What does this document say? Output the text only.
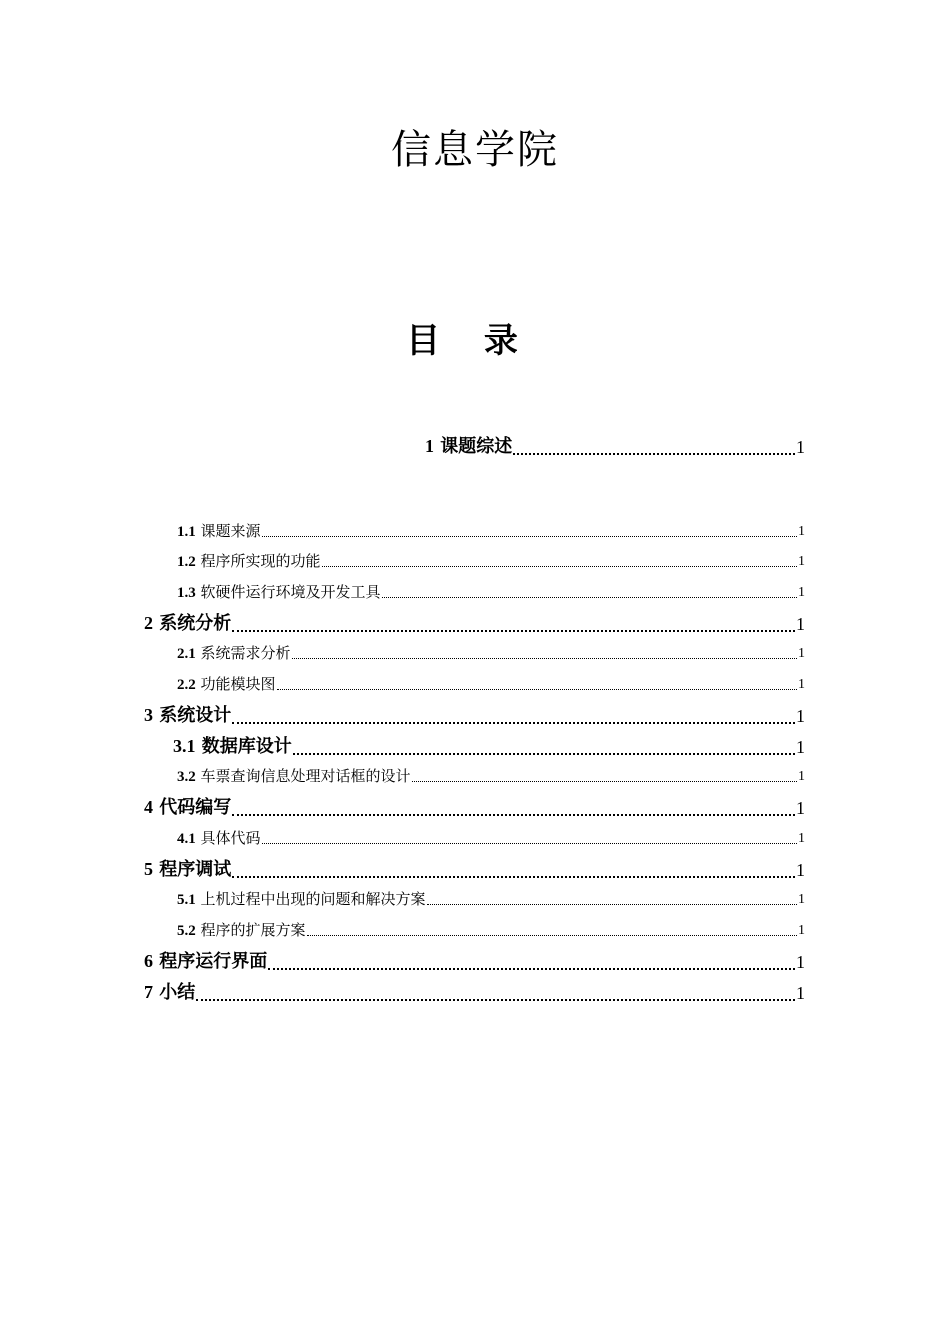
信息学院
目 录
1 课题综述	1
1.1 课题来源	1
1.2 程序所实现的功能	1
1.3 软硬件运行环境及开发工具	1
2 系统分析	1
2.1 系统需求分析	1
2.2 功能模块图	1
3 系统设计	1
3.1 数据库设计	1
3.2 车票查询信息处理对话框的设计	1
4 代码编写	1
4.1 具体代码	1
5 程序调试	1
5.1 上机过程中出现的问题和解决方案	1
5.2 程序的扩展方案	1
6 程序运行界面	1
7 小结	1
